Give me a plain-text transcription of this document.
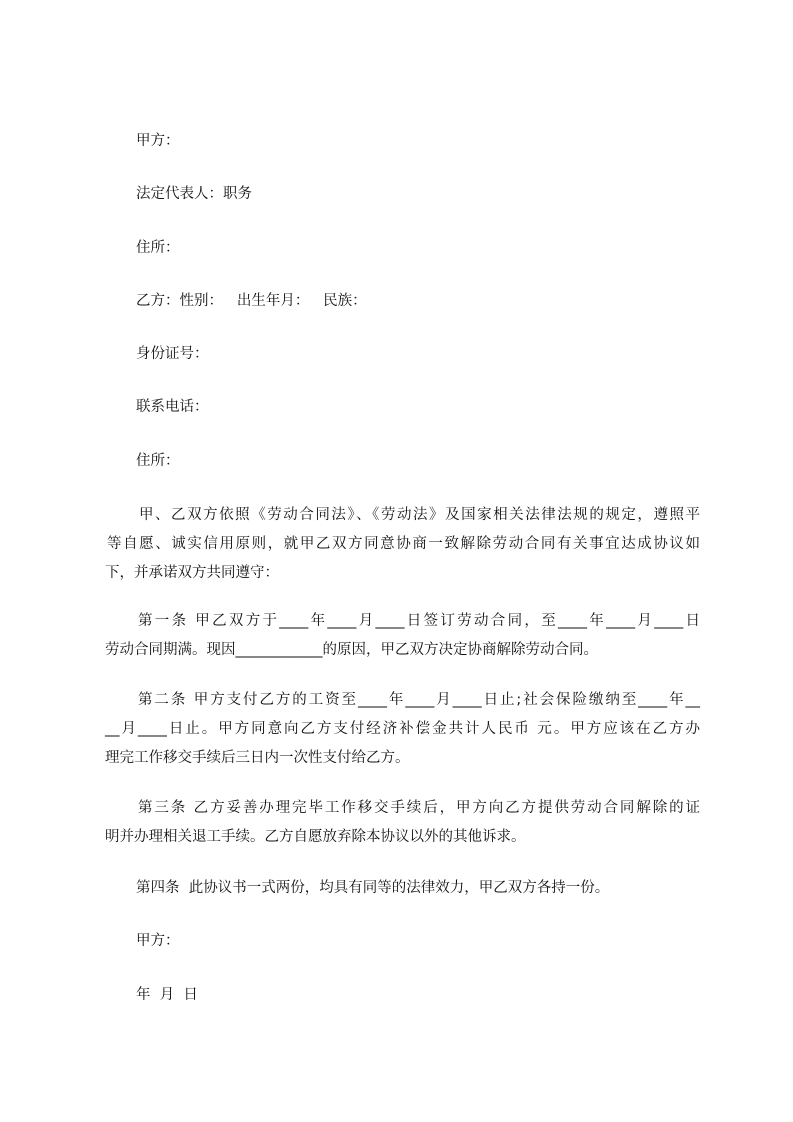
甲方：

法定代表人：职务

住所：

乙方：性别：   出生年月：   民族：

身份证号：

联系电话：

住所：

甲、乙双方依照《劳动合同法》、《劳动法》及国家相关法律法规的规定，遵照平
等自愿、诚实信用原则，就甲乙双方同意协商一致解除劳动合同有关事宜达成协议如
下，并承诺双方共同遵守：
第一条 甲乙双方于____年____月____日签订劳动合同，至____年____月____日
劳动合同期满。现因____________的原因，甲乙双方决定协商解除劳动合同。
第二条 甲方支付乙方的工资至____年____月____日止;社会保险缴纳至____年__
__月____日止。甲方同意向乙方支付经济补偿金共计人民币 元。甲方应该在乙方办
理完工作移交手续后三日内一次性支付给乙方。
第三条 乙方妥善办理完毕工作移交手续后，甲方向乙方提供劳动合同解除的证
明并办理相关退工手续。乙方自愿放弃除本协议以外的其他诉求。

第四条  此协议书一式两份，均具有同等的法律效力，甲乙双方各持一份。

甲方：

年  月  日
